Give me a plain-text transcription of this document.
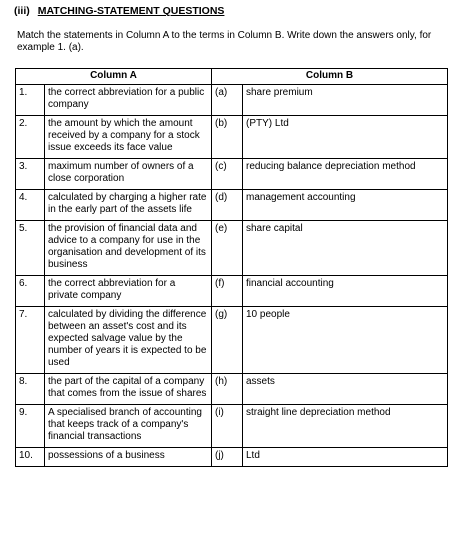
(iii) MATCHING-STATEMENT QUESTIONS
Match the statements in Column A to the terms in Column B. Write down the answers only, for example 1. (a).
Column A		Column B	
1.	the correct abbreviation for a public company	(a)	share premium
2.	the amount by which the amount received by a company for a stock issue exceeds its face value	(b)	(PTY) Ltd
3.	maximum number of owners of a close corporation	(c)	reducing balance depreciation method
4.	calculated by charging a higher rate in the early part of the assets life	(d)	management accounting
5.	the provision of financial data and advice to a company for use in the organisation and development of its business	(e)	share capital
6.	the correct abbreviation for a private company	(f)	financial accounting
7.	calculated by dividing the difference between an asset's cost and its expected salvage value by the number of years it is expected to be used	(g)	10 people
8.	the part of the capital of a company that comes from the issue of shares	(h)	assets
9.	A specialised branch of accounting that keeps track of a company's financial transactions	(i)	straight line depreciation method
10.	possessions of a business	(j)	Ltd
